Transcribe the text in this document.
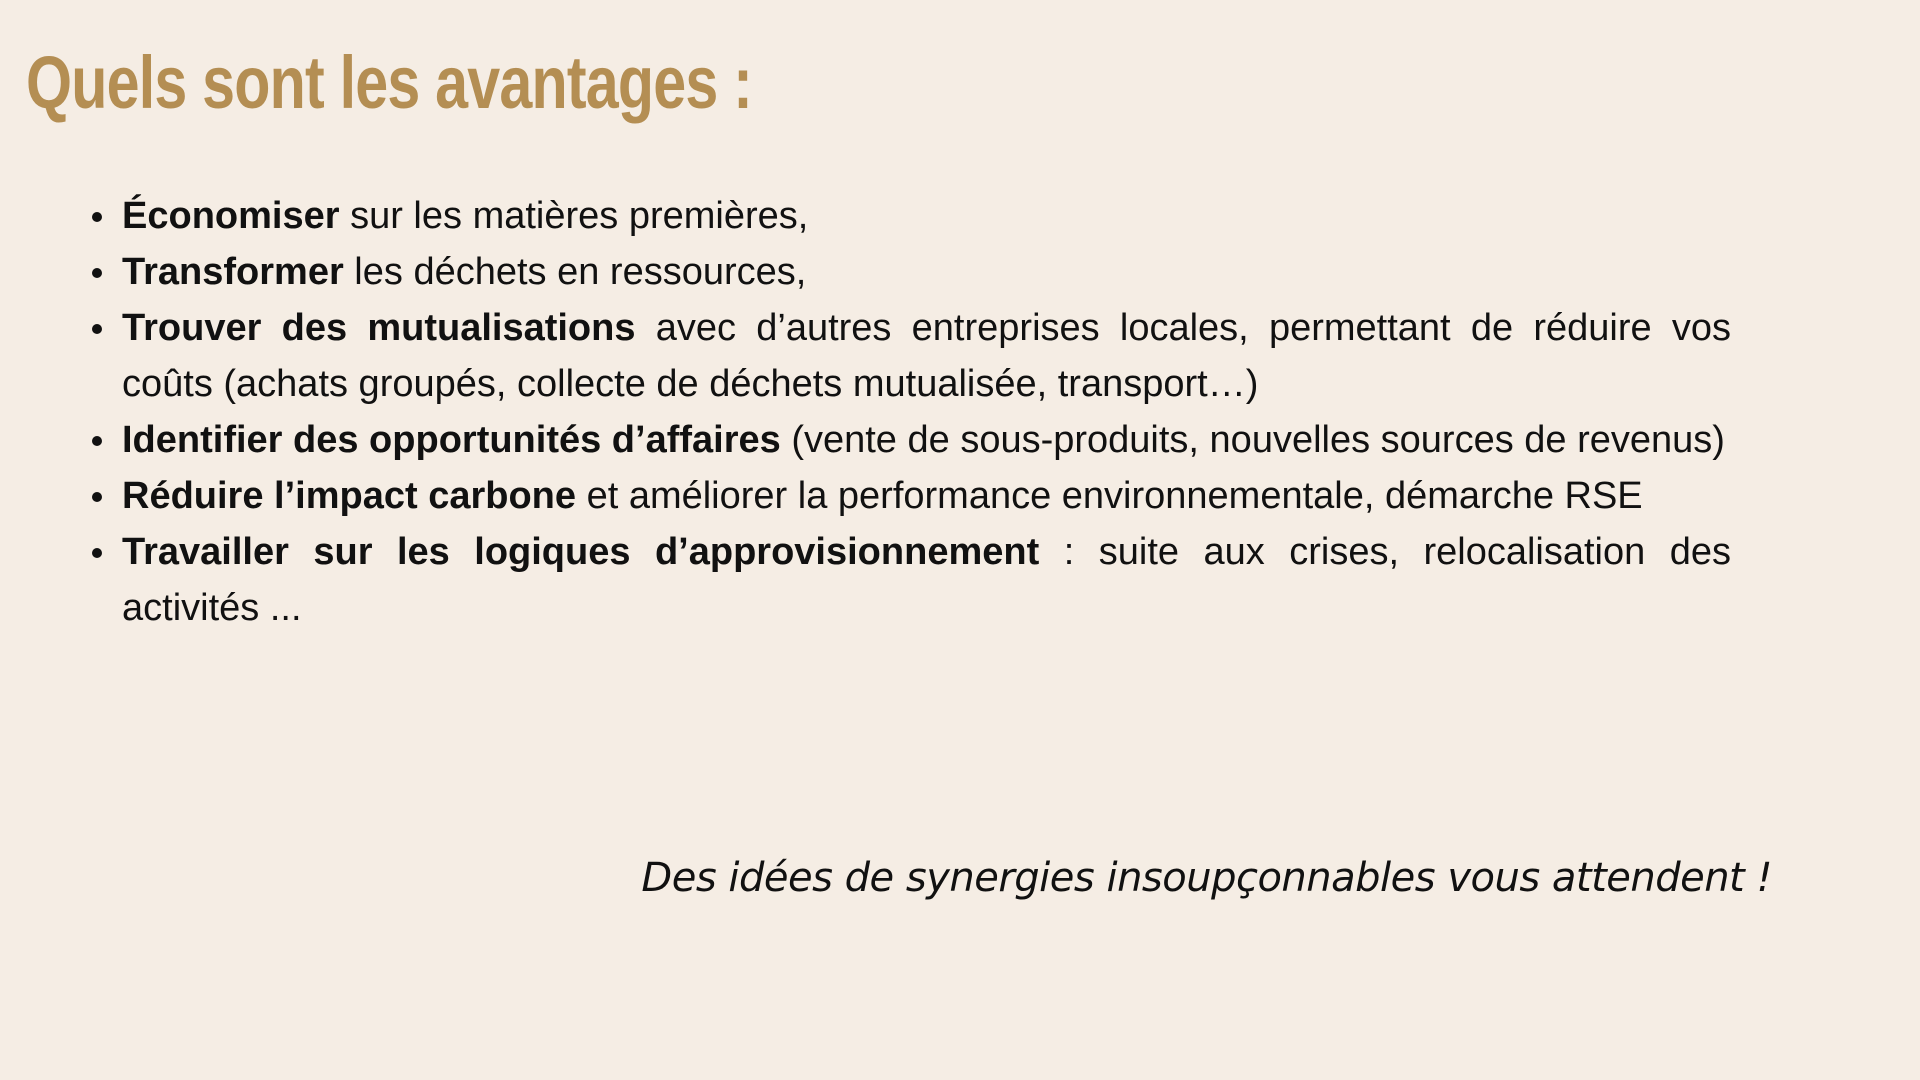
Quels sont les avantages :
Économiser sur les matières premières,
Transformer les déchets en ressources,
Trouver des mutualisations avec d’autres entreprises locales, permettant de réduire vos coûts (achats groupés, collecte de déchets mutualisée, transport…)
Identifier des opportunités d’affaires (vente de sous-produits, nouvelles sources de revenus)
Réduire l’impact carbone et améliorer la performance environnementale, démarche RSE
Travailler sur les logiques d’approvisionnement : suite aux crises, relocalisation des activités ...

Des idées de synergies insoupçonnables vous attendent !
